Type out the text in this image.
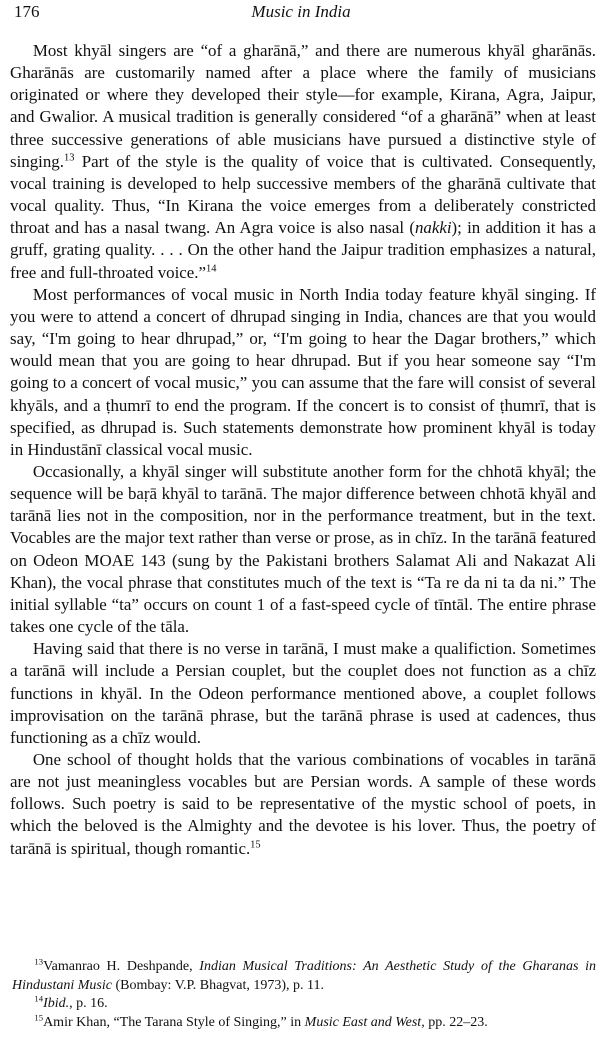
176	Music in India

Most khyāl singers are “of a gharānā,” and there are numerous khyāl gharānās. Gharānās are customarily named after a place where the family of musicians originated or where they developed their style—for example, Kirana, Agra, Jaipur, and Gwalior. A musical tradition is generally considered “of a gharānā” when at least three successive generations of able musicians have pursued a distinctive style of singing.$^{13}$ Part of the style is the quality of voice that is cultivated. Consequently, vocal training is developed to help successive members of the gharānā cultivate that vocal quality. Thus, “In Kirana the voice emerges from a deliberately constricted throat and has a nasal twang. An Agra voice is also nasal (nakki); in addition it has a gruff, grating quality. . . . On the other hand the Jaipur tradition emphasizes a natural, free and full-throated voice.”$^{14}$

Most performances of vocal music in North India today feature khyāl singing. If you were to attend a concert of dhrupad singing in India, chances are that you would say, “I'm going to hear dhrupad,” or, “I'm going to hear the Dagar brothers,” which would mean that you are going to hear dhrupad. But if you hear someone say “I'm going to a concert of vocal music,” you can assume that the fare will consist of several khyāls, and a ṭhumrī to end the program. If the concert is to consist of ṭhumrī, that is specified, as dhrupad is. Such statements demonstrate how prominent khyāl is today in Hindustānī classical vocal music.

Occasionally, a khyāl singer will substitute another form for the chhotā khyāl; the sequence will be baṛā khyāl to tarānā. The major difference between chhotā khyāl and tarānā lies not in the composition, nor in the performance treatment, but in the text. Vocables are the major text rather than verse or prose, as in chīz. In the tarānā featured on Odeon MOAE 143 (sung by the Pakistani brothers Salamat Ali and Nakazat Ali Khan), the vocal phrase that constitutes much of the text is “Ta re da ni ta da ni.” The initial syllable “ta” occurs on count 1 of a fast-speed cycle of tīntāl. The entire phrase takes one cycle of the tāla.

Having said that there is no verse in tarānā, I must make a qualifiction. Sometimes a tarānā will include a Persian couplet, but the couplet does not function as a chīz functions in khyāl. In the Odeon performance mentioned above, a couplet follows improvisation on the tarānā phrase, but the tarānā phrase is used at cadences, thus functioning as a chīz would.

One school of thought holds that the various combinations of vocables in tarānā are not just meaningless vocables but are Persian words. A sample of these words follows. Such poetry is said to be representative of the mystic school of poets, in which the beloved is the Almighty and the devotee is his lover. Thus, the poetry of tarānā is spiritual, though romantic.$^{15}$

$^{13}$Vamanrao H. Deshpande, Indian Musical Traditions: An Aesthetic Study of the Gharanas in Hindustani Music (Bombay: V.P. Bhagvat, 1973), p. 11.

$^{14}$Ibid., p. 16.

$^{15}$Amir Khan, “The Tarana Style of Singing,” in Music East and West, pp. 22–23.
